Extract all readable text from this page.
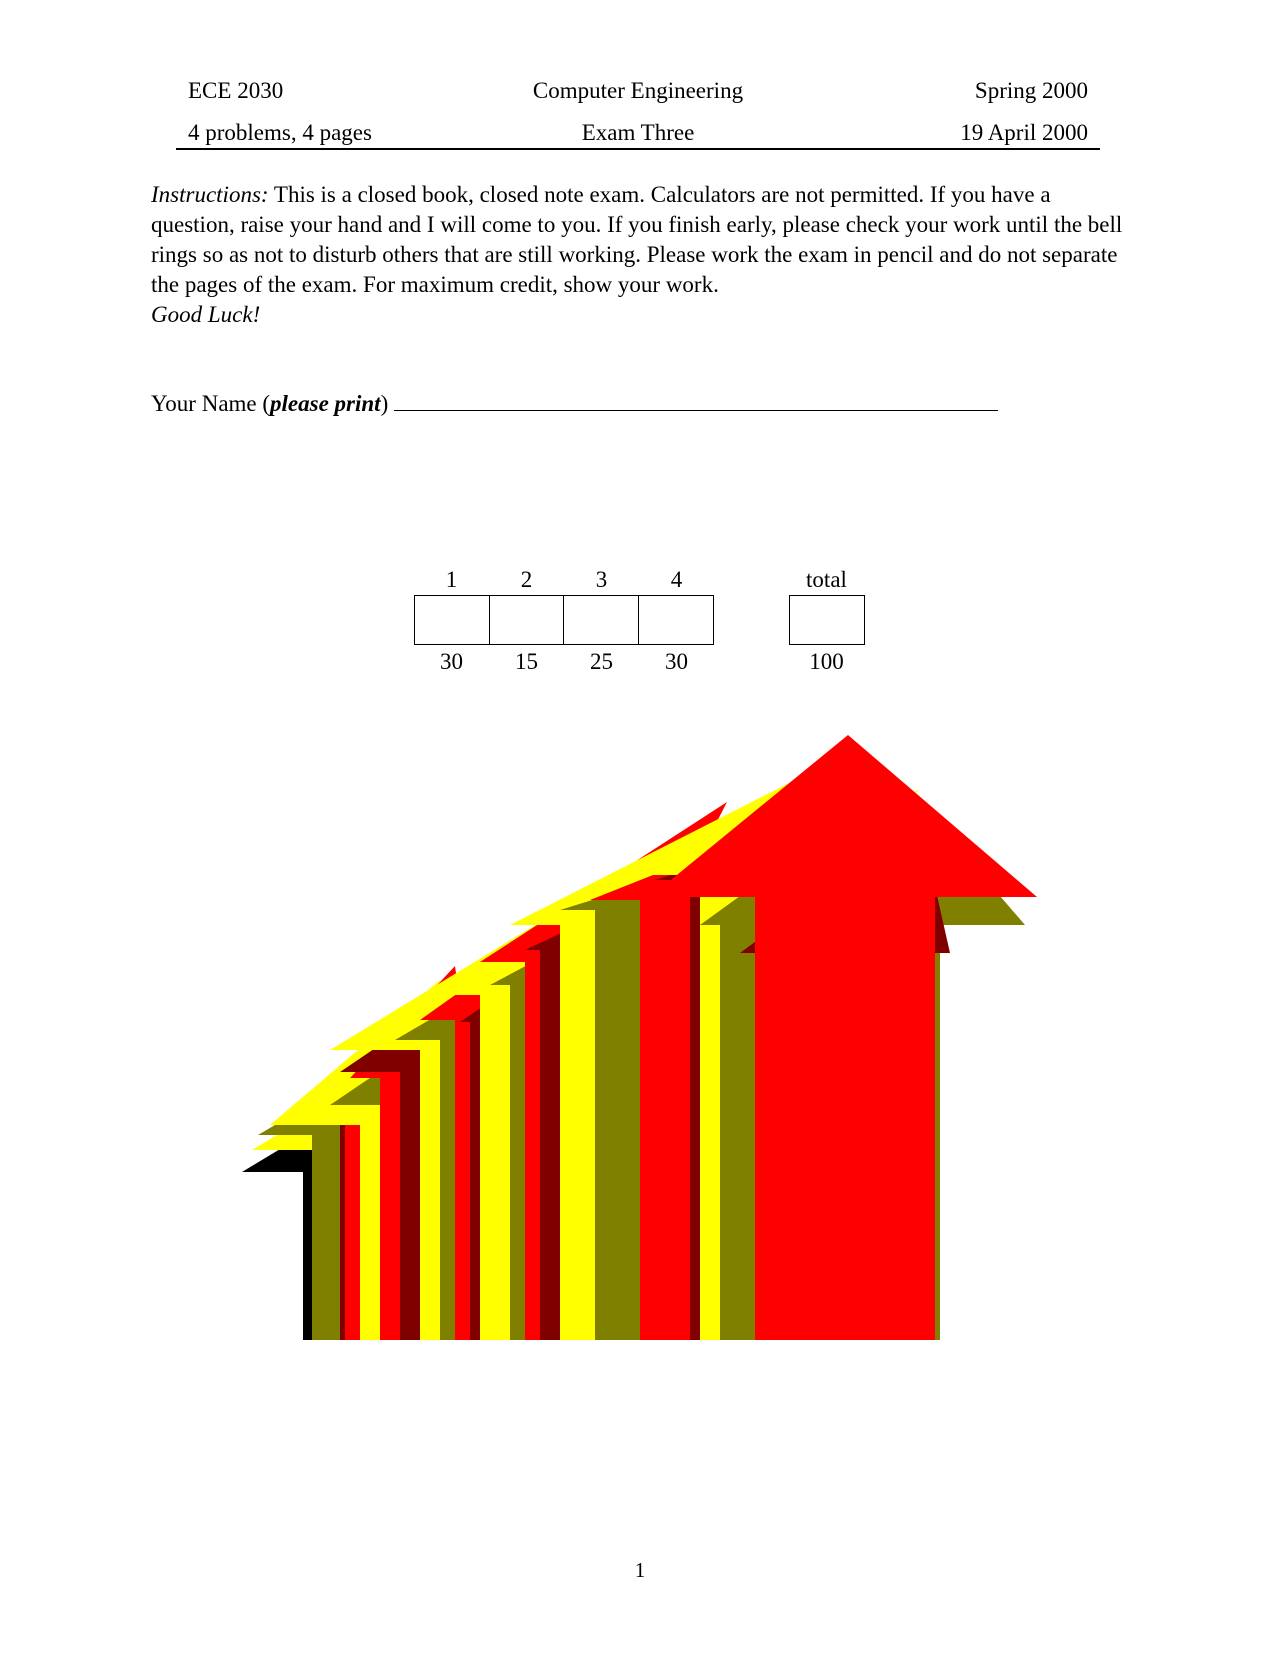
ECE 2030	Computer Engineering	Spring 2000
4 problems, 4 pages	Exam Three	19 April 2000

Instructions: This is a closed book, closed note exam. Calculators are not permitted. If you have a question, raise your hand and I will come to you. If you finish early, please check your work until the bell rings so as not to disturb others that are still working. Please work the exam in pencil and do not separate the pages of the exam. For maximum credit, show your work.

Good Luck!

Your Name (please print)
1	2	3	4	total
30	15	25	30	100
1
